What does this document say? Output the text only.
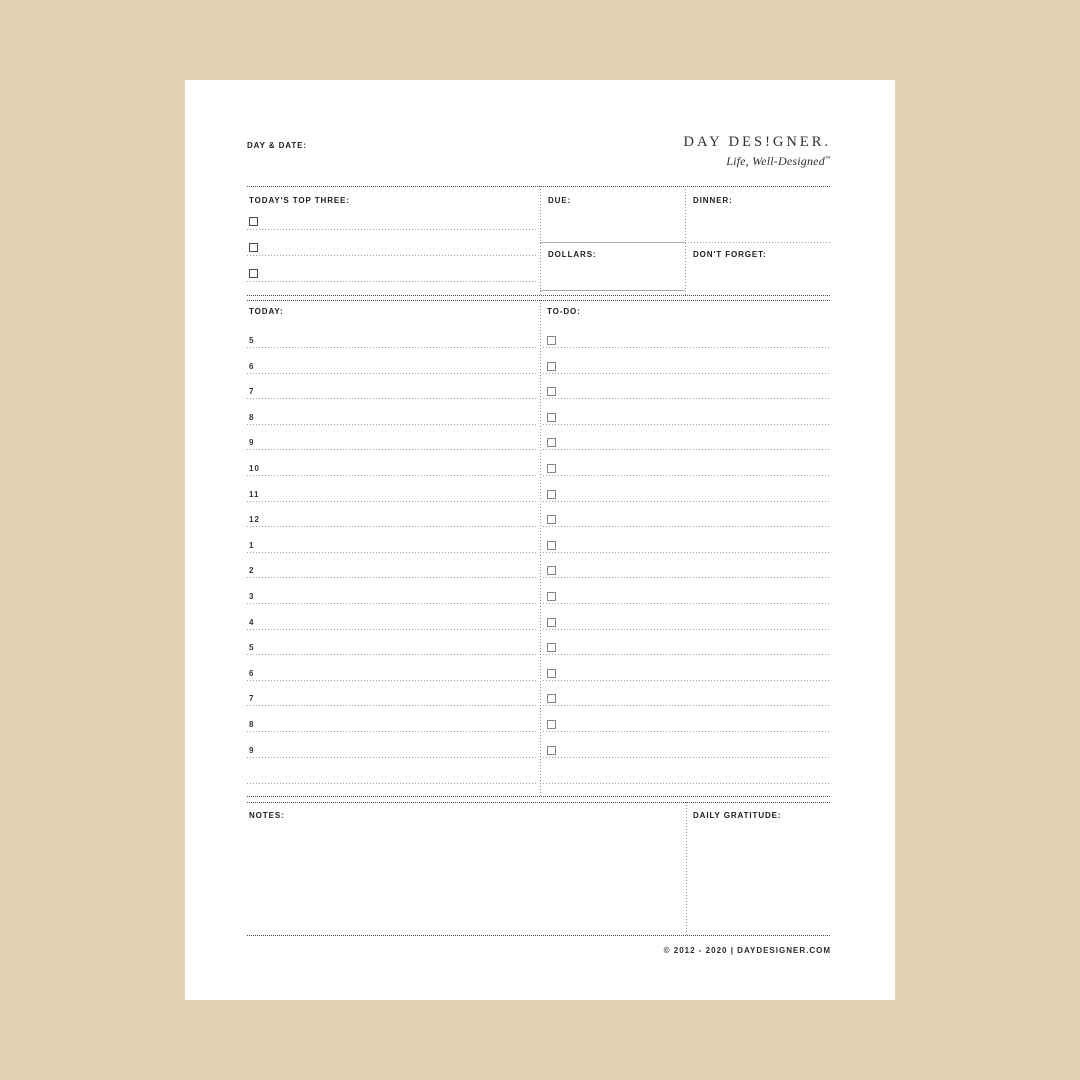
DAY & DATE:	DAY DES!GNER.
Life, Well-Designed™
TODAY'S TOP THREE:	DUE:	DINNER:
DOLLARS:	DON'T FORGET:
TODAY:	TO-DO:
5
6
7
8
9
10
11
12
1
2
3
4
5
6
7
8
9
NOTES:	DAILY GRATITUDE:
© 2012 - 2020 | DAYDESIGNER.COM
